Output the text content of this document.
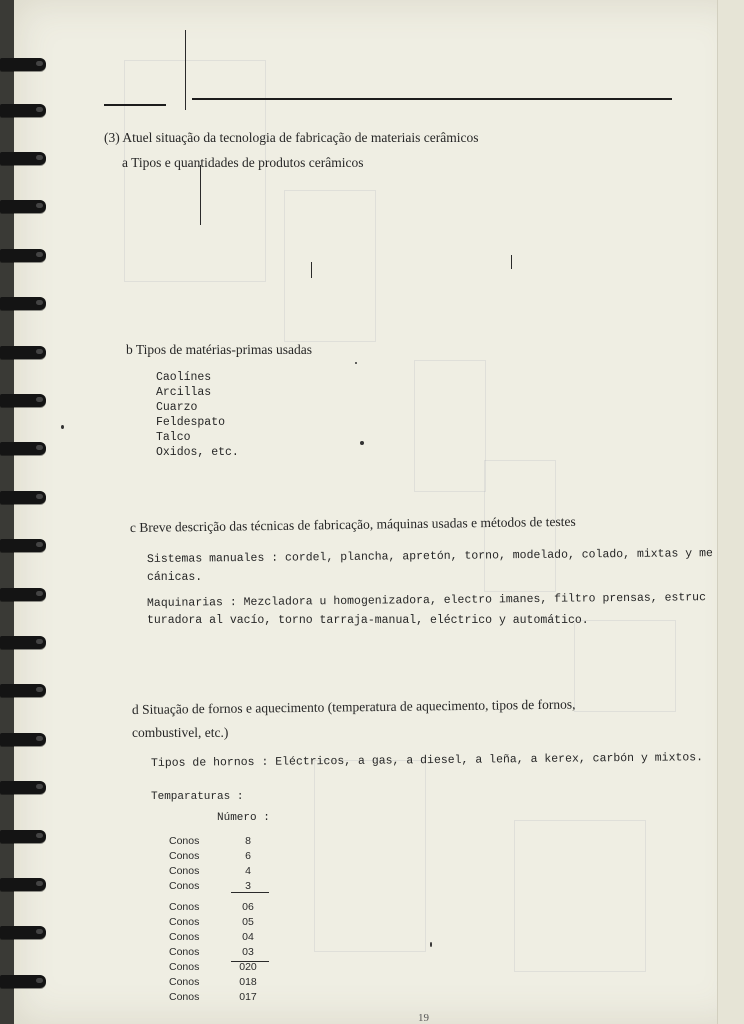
(3) Atuel situação da tecnologia de fabricação de materiais cerâmicos
a Tipos e quantidades de produtos cerâmicos
b Tipos de matérias-primas usadas
Caolínes
Arcillas
Cuarzo
Feldespato
Talco
Oxidos, etc.
c Breve descrição das técnicas de fabricação, máquinas usadas e métodos de testes
Sistemas manuales : cordel, plancha, apretón, torno, modelado, colado, mixtas y me
cánicas.
Maquinarias : Mezcladora u homogenizadora, electro imanes, filtro prensas, estruc
turadora al vacío, torno tarraja-manual, eléctrico y automático.
d Situação de fornos e aquecimento (temperatura de aquecimento, tipos de fornos,
combustivel, etc.)
Tipos de hornos : Eléctricos, a gas, a diesel, a leña, a kerex, carbón y mixtos.
Temparaturas :
Número :
Conos	8
Conos	6
Conos	4
Conos	3
Conos	06
Conos	05
Conos	04
Conos	03
Conos	020
Conos	018
Conos	017
19
